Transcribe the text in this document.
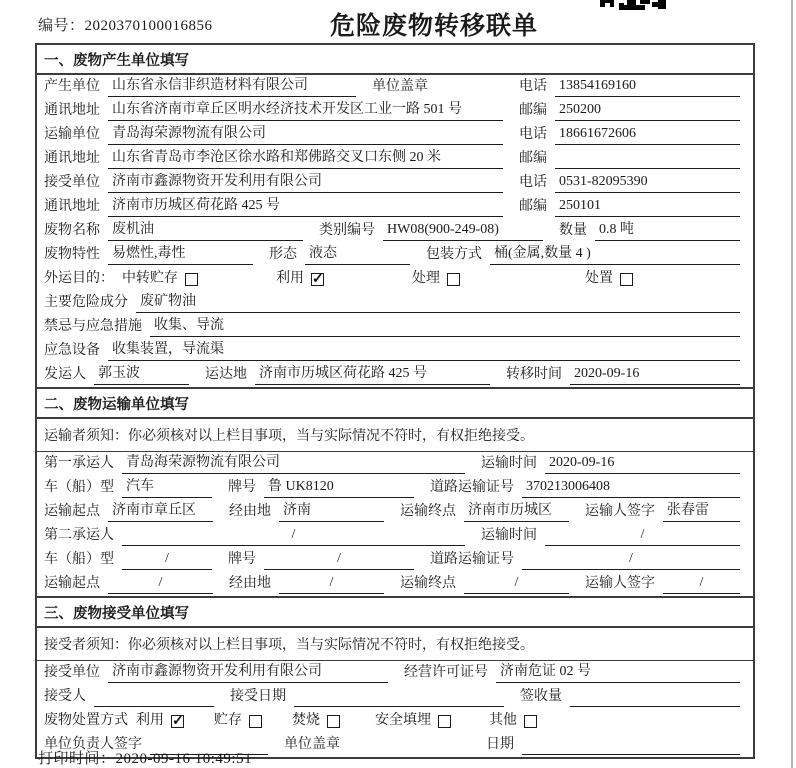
编号：2020370100016856	危险废物转移联单
一、废物产生单位填写
产生单位 山东省永信非织造材料有限公司	单位盖章	电话 13854169160
通讯地址 山东省济南市章丘区明水经济技术开发区工业一路 501 号	邮编 250200
运输单位 青岛海荣源物流有限公司	电话 18661672606
通讯地址 山东省青岛市李沧区徐水路和郑佛路交叉口东侧 20 米	邮编
接受单位 济南市鑫源物资开发利用有限公司	电话 0531-82095390
通讯地址 济南市历城区荷花路 425 号	邮编 250101
废物名称 废机油	类别编号 HW08(900-249-08)	数量 0.8 吨
废物特性 易燃性,毒性	形态 液态	包装方式 桶(金属,数量 4 )
外运目的： 中转贮存	利用 ✓	处理	处置
主要危险成分 废矿物油
禁忌与应急措施 收集、导流
应急设备 收集装置，导流渠
发运人 郭玉波	运达地 济南市历城区荷花路 425 号	转移时间 2020-09-16
二、废物运输单位填写
运输者须知：你必须核对以上栏目事项，当与实际情况不符时，有权拒绝接受。
第一承运人 青岛海荣源物流有限公司	运输时间 2020-09-16
车（船）型 汽车	牌号 鲁 UK8120	道路运输证号 370213006408
运输起点 济南市章丘区	经由地 济南	运输终点 济南市历城区	运输人签字 张春雷
第二承运人	/	运输时间	/
车（船）型	/	牌号	/	道路运输证号	/
运输起点	/	经由地	/	运输终点	/	运输人签字	/
三、废物接受单位填写
接受者须知：你必须核对以上栏目事项，当与实际情况不符时，有权拒绝接受。
接受单位 济南市鑫源物资开发利用有限公司	经营许可证号 济南危证 02 号
接受人	接受日期	签收量
废物处置方式 利用 ✓	贮存	焚烧	安全填埋	其他
单位负责人签字	单位盖章	日期
打印时间：2020-09-16 10:49:51
